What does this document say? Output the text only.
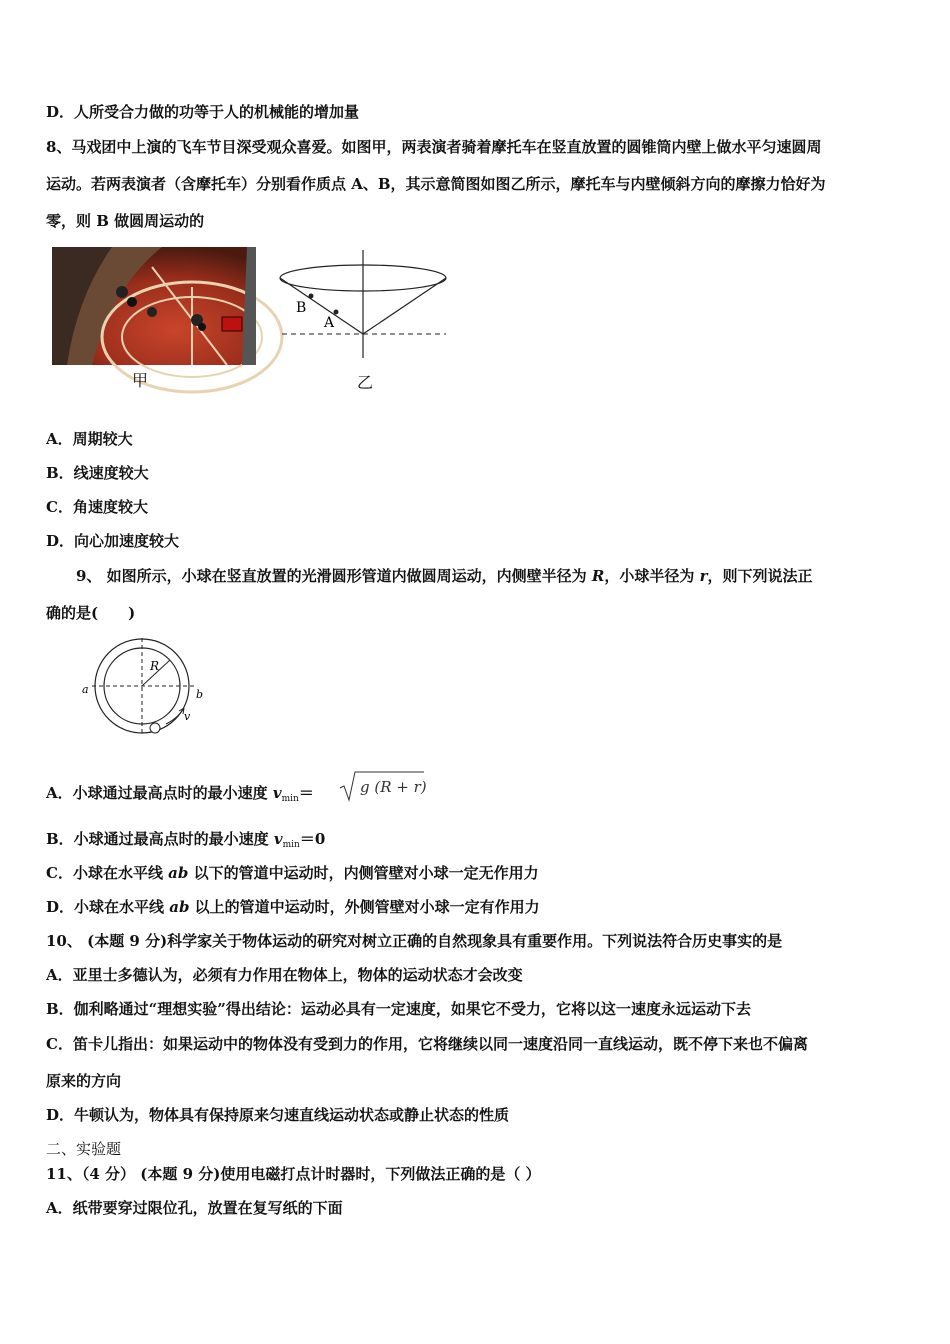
D．人所受合力做的功等于人的机械能的增加量
8、马戏团中上演的飞车节目深受观众喜爱。如图甲，两表演者骑着摩托车在竖直放置的圆锥筒内壁上做水平匀速圆周
运动。若两表演者（含摩托车）分别看作质点 A、B，其示意简图如图乙所示，摩托车与内壁倾斜方向的摩擦力恰好为
零，则 B 做圆周运动的
甲
B
A
乙
A．周期较大
B．线速度较大
C．角速度较大
D．向心加速度较大
9、 如图所示，小球在竖直放置的光滑圆形管道内做圆周运动，内侧壁半径为 R，小球半径为 r，则下列说法正
确的是(　　)
R
a	b
v
A．小球通过最高点时的最小速度 $v_{min}=$	g (R + r)
B．小球通过最高点时的最小速度 $v_{min}=0$
C．小球在水平线 ab 以下的管道中运动时，内侧管壁对小球一定无作用力
D．小球在水平线 ab 以上的管道中运动时，外侧管壁对小球一定有作用力
10、 (本题 9 分)科学家关于物体运动的研究对树立正确的自然现象具有重要作用。下列说法符合历史事实的是
A．亚里士多德认为，必须有力作用在物体上，物体的运动状态才会改变
B．伽利略通过“理想实验”得出结论：运动必具有一定速度，如果它不受力，它将以这一速度永远运动下去
C．笛卡儿指出：如果运动中的物体没有受到力的作用，它将继续以同一速度沿同一直线运动，既不停下来也不偏离
原来的方向
D．牛顿认为，物体具有保持原来匀速直线运动状态或静止状态的性质
二、实验题
11、（4 分） (本题 9 分)使用电磁打点计时器时，下列做法正确的是（ ）
A．纸带要穿过限位孔，放置在复写纸的下面
